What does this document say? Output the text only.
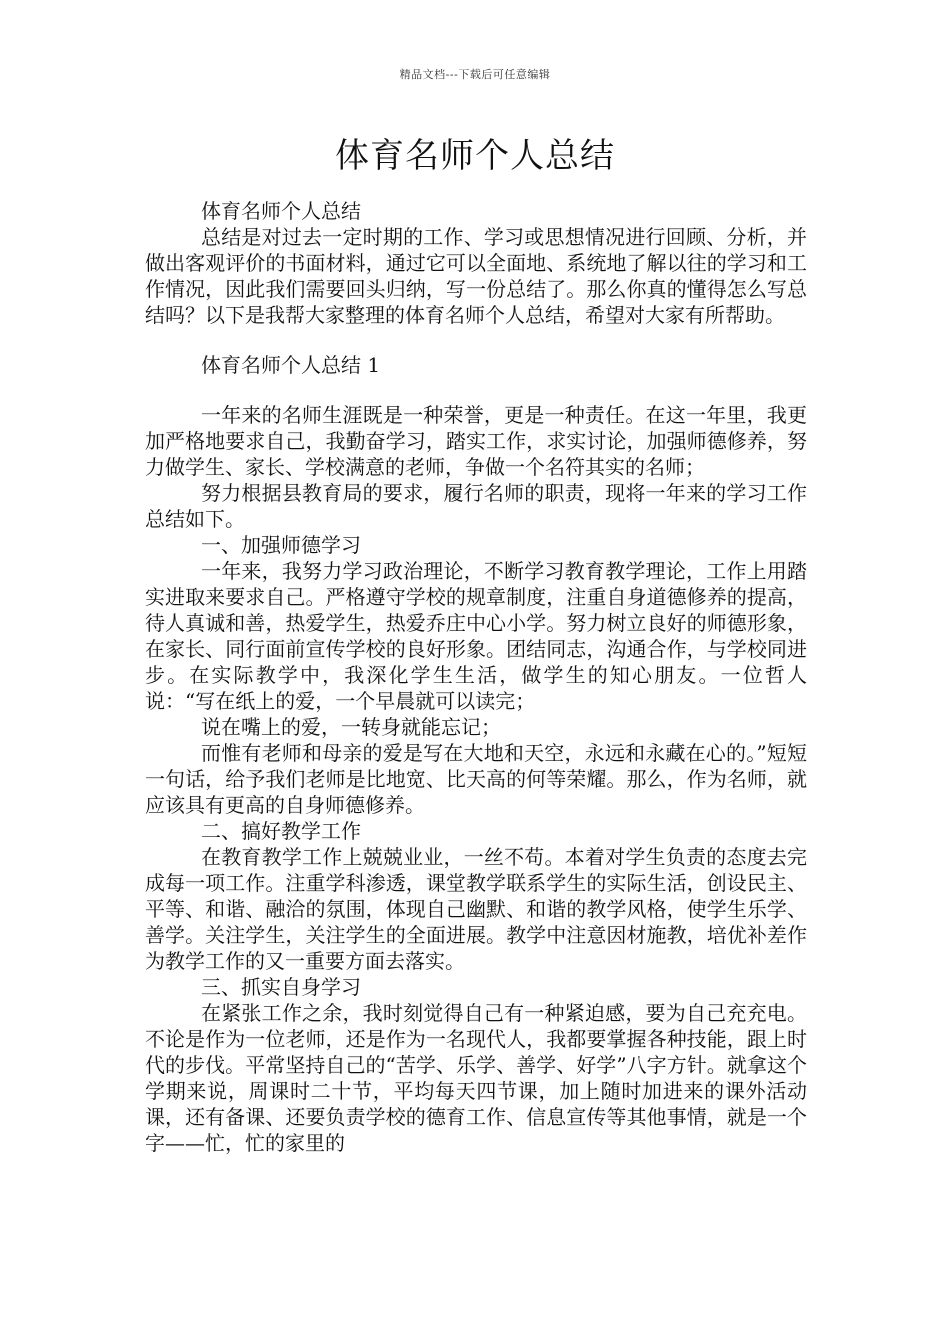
精品文档---下载后可任意编辑
体育名师个人总结

体育名师个人总结

总结是对过去一定时期的工作、学习或思想情况进行回顾、分析，并做出客观评价的书面材料，通过它可以全面地、系统地了解以往的学习和工作情况，因此我们需要回头归纳，写一份总结了。那么你真的懂得怎么写总结吗？以下是我帮大家整理的体育名师个人总结，希望对大家有所帮助。

体育名师个人总结 1

一年来的名师生涯既是一种荣誉，更是一种责任。在这一年里，我更加严格地要求自己，我勤奋学习，踏实工作，求实讨论，加强师德修养，努力做学生、家长、学校满意的老师，争做一个名符其实的名师；

努力根据县教育局的要求，履行名师的职责，现将一年来的学习工作总结如下。

一、加强师德学习

一年来，我努力学习政治理论，不断学习教育教学理论，工作上用踏实进取来要求自己。严格遵守学校的规章制度，注重自身道德修养的提高，待人真诚和善，热爱学生，热爱乔庄中心小学。努力树立良好的师德形象，在家长、同行面前宣传学校的良好形象。团结同志，沟通合作，与学校同进步。在实际教学中，我深化学生生活，做学生的知心朋友。一位哲人说：“写在纸上的爱，一个早晨就可以读完；

说在嘴上的爱，一转身就能忘记；

而惟有老师和母亲的爱是写在大地和天空，永远和永藏在心的。”短短一句话，给予我们老师是比地宽、比天高的何等荣耀。那么，作为名师，就应该具有更高的自身师德修养。

二、搞好教学工作

在教育教学工作上兢兢业业，一丝不苟。本着对学生负责的态度去完成每一项工作。注重学科渗透，课堂教学联系学生的实际生活，创设民主、平等、和谐、融洽的氛围，体现自己幽默、和谐的教学风格，使学生乐学、善学。关注学生，关注学生的全面进展。教学中注意因材施教，培优补差作为教学工作的又一重要方面去落实。

三、抓实自身学习

在紧张工作之余，我时刻觉得自己有一种紧迫感，要为自己充充电。不论是作为一位老师，还是作为一名现代人，我都要掌握各种技能，跟上时代的步伐。平常坚持自己的“苦学、乐学、善学、好学”八字方针。就拿这个学期来说，周课时二十节，平均每天四节课，加上随时加进来的课外活动课，还有备课、还要负责学校的德育工作、信息宣传等其他事情，就是一个字——忙，忙的家里的
